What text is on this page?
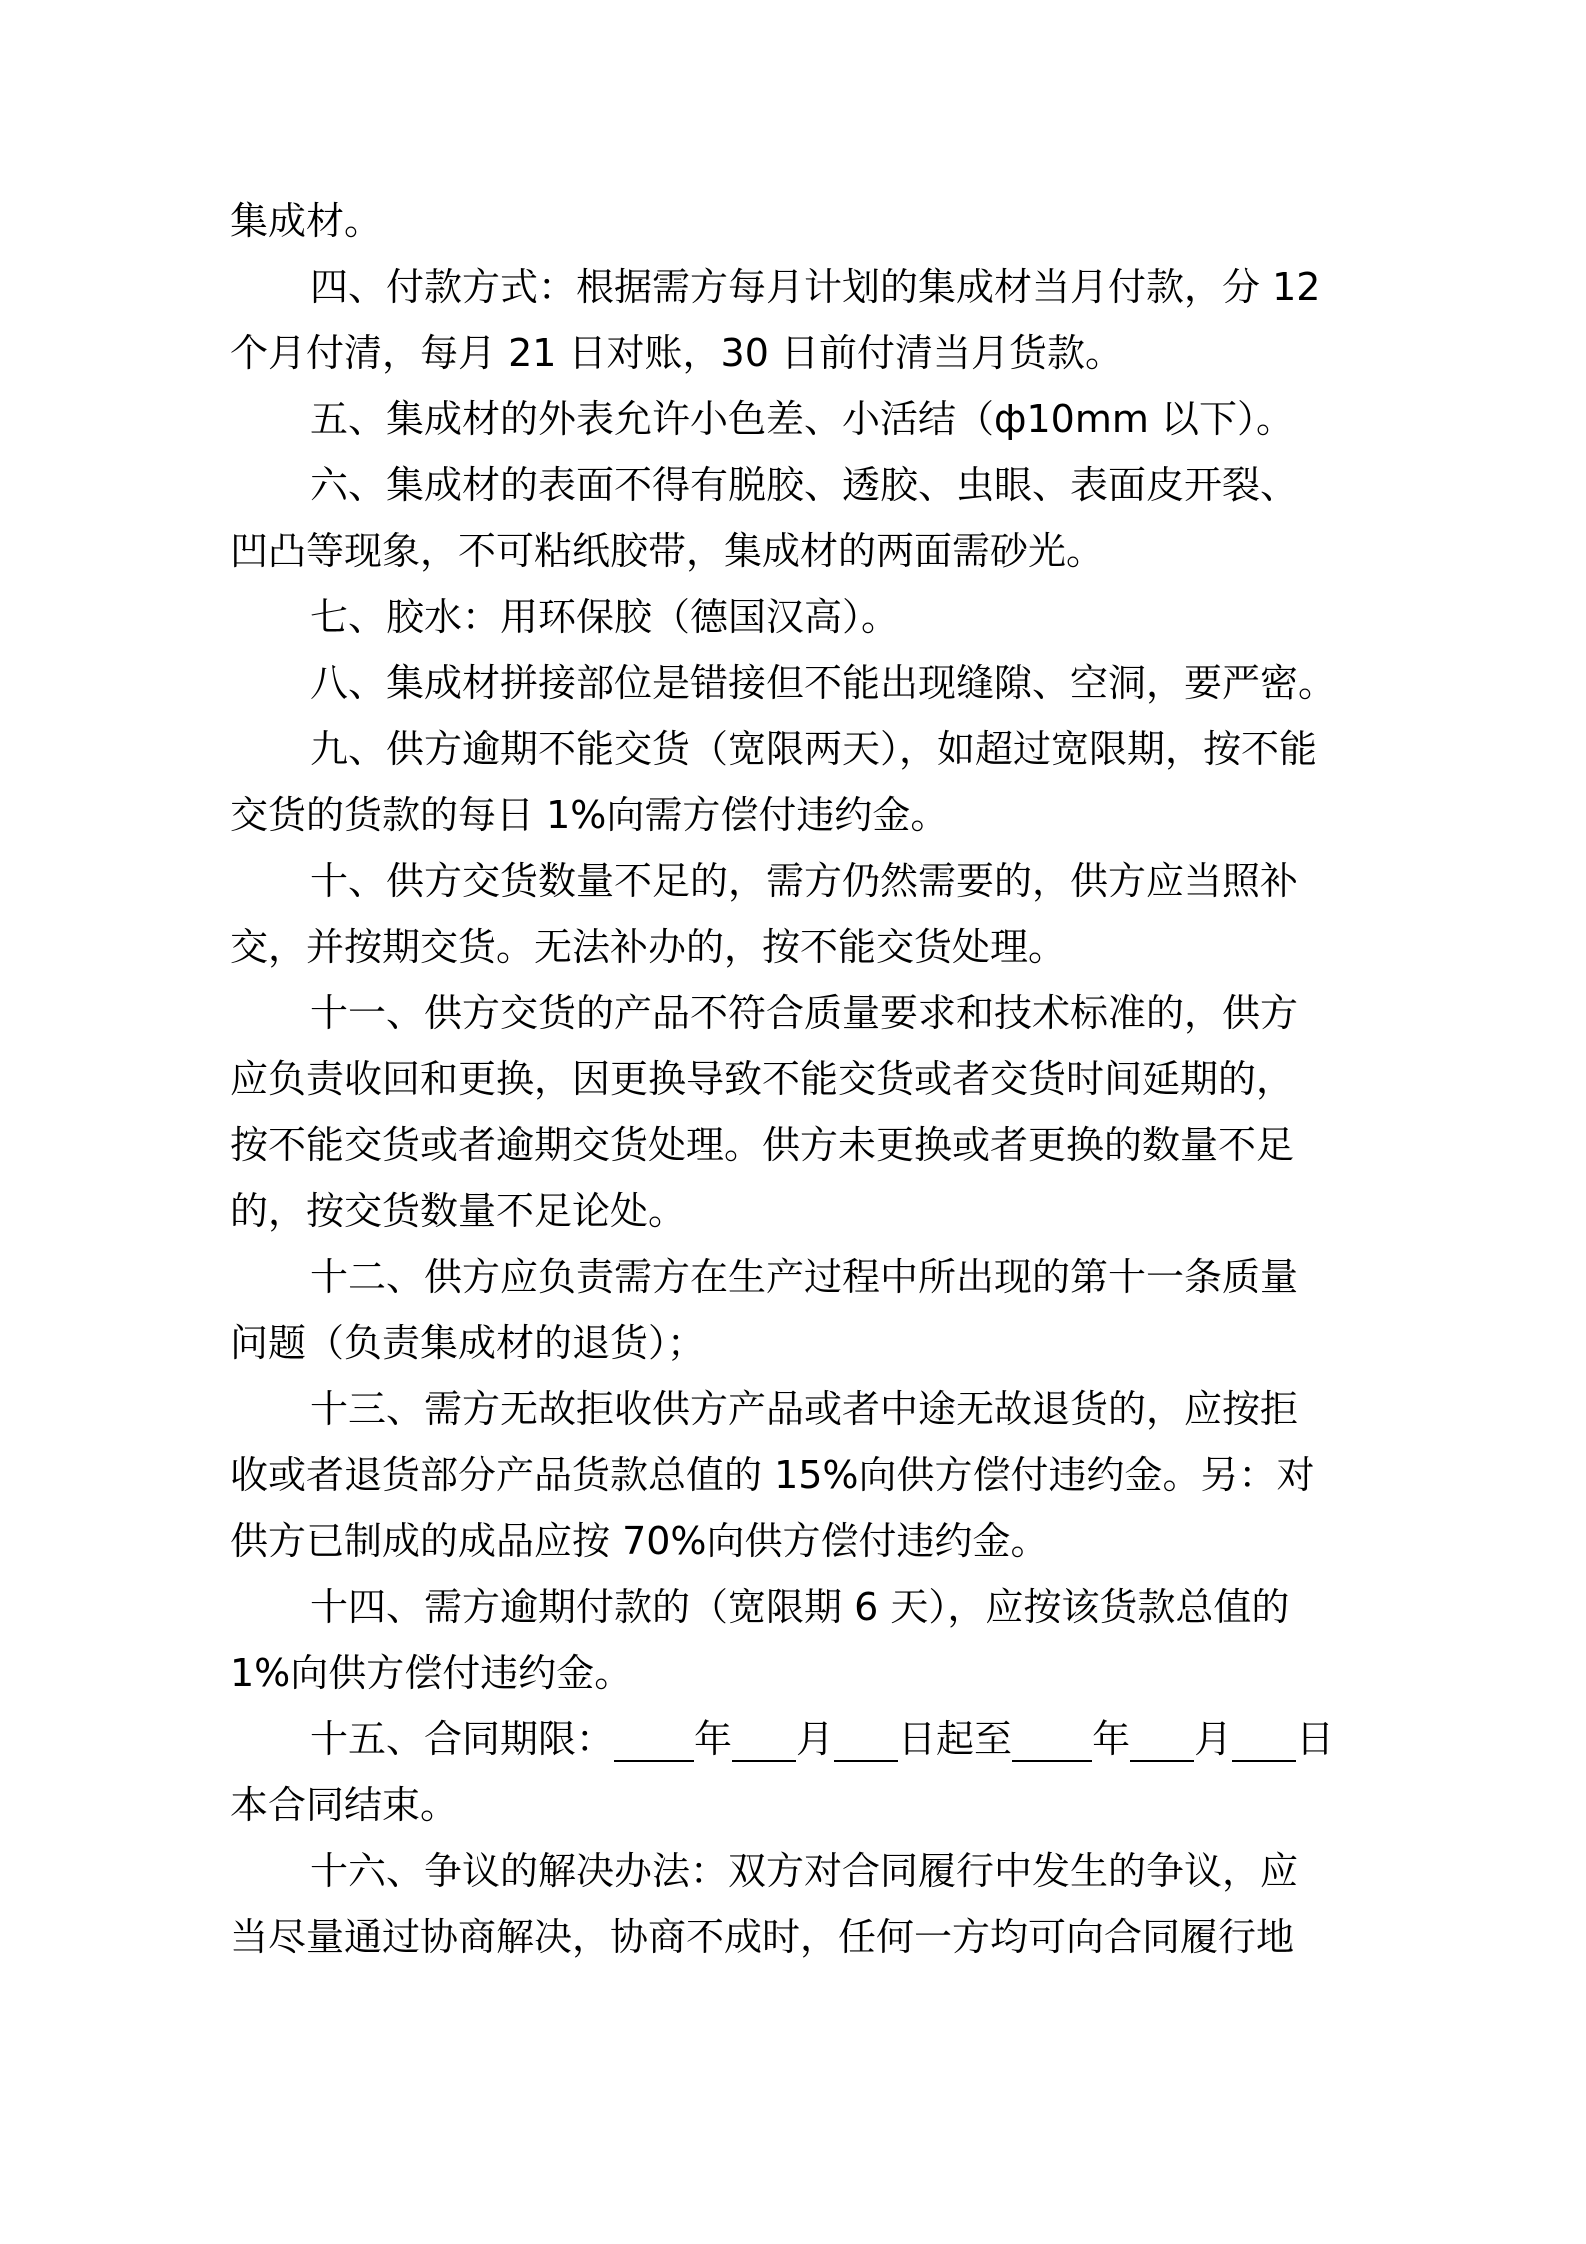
集成材。
四、付款方式：根据需方每月计划的集成材当月付款，分 12
个月付清，每月 21 日对账，30 日前付清当月货款。
五、集成材的外表允许小色差、小活结（ф10mm 以下）。
六、集成材的表面不得有脱胶、透胶、虫眼、表面皮开裂、
凹凸等现象，不可粘纸胶带，集成材的两面需砂光。
七、胶水：用环保胶（德国汉高）。
八、集成材拼接部位是错接但不能出现缝隙、空洞，要严密。
九、供方逾期不能交货（宽限两天），如超过宽限期，按不能
交货的货款的每日 1%向需方偿付违约金。
十、供方交货数量不足的，需方仍然需要的，供方应当照补
交，并按期交货。无法补办的，按不能交货处理。
十一、供方交货的产品不符合质量要求和技术标准的，供方
应负责收回和更换，因更换导致不能交货或者交货时间延期的，
按不能交货或者逾期交货处理。供方未更换或者更换的数量不足
的，按交货数量不足论处。
十二、供方应负责需方在生产过程中所出现的第十一条质量
问题（负责集成材的退货）；
十三、需方无故拒收供方产品或者中途无故退货的，应按拒
收或者退货部分产品货款总值的 15%向供方偿付违约金。另：对
供方已制成的成品应按 70%向供方偿付违约金。
十四、需方逾期付款的（宽限期 6 天），应按该货款总值的
1%向供方偿付违约金。
十五、合同期限： 年 月 日起至 年 月 日
本合同结束。
十六、争议的解决办法：双方对合同履行中发生的争议，应
当尽量通过协商解决，协商不成时，任何一方均可向合同履行地
